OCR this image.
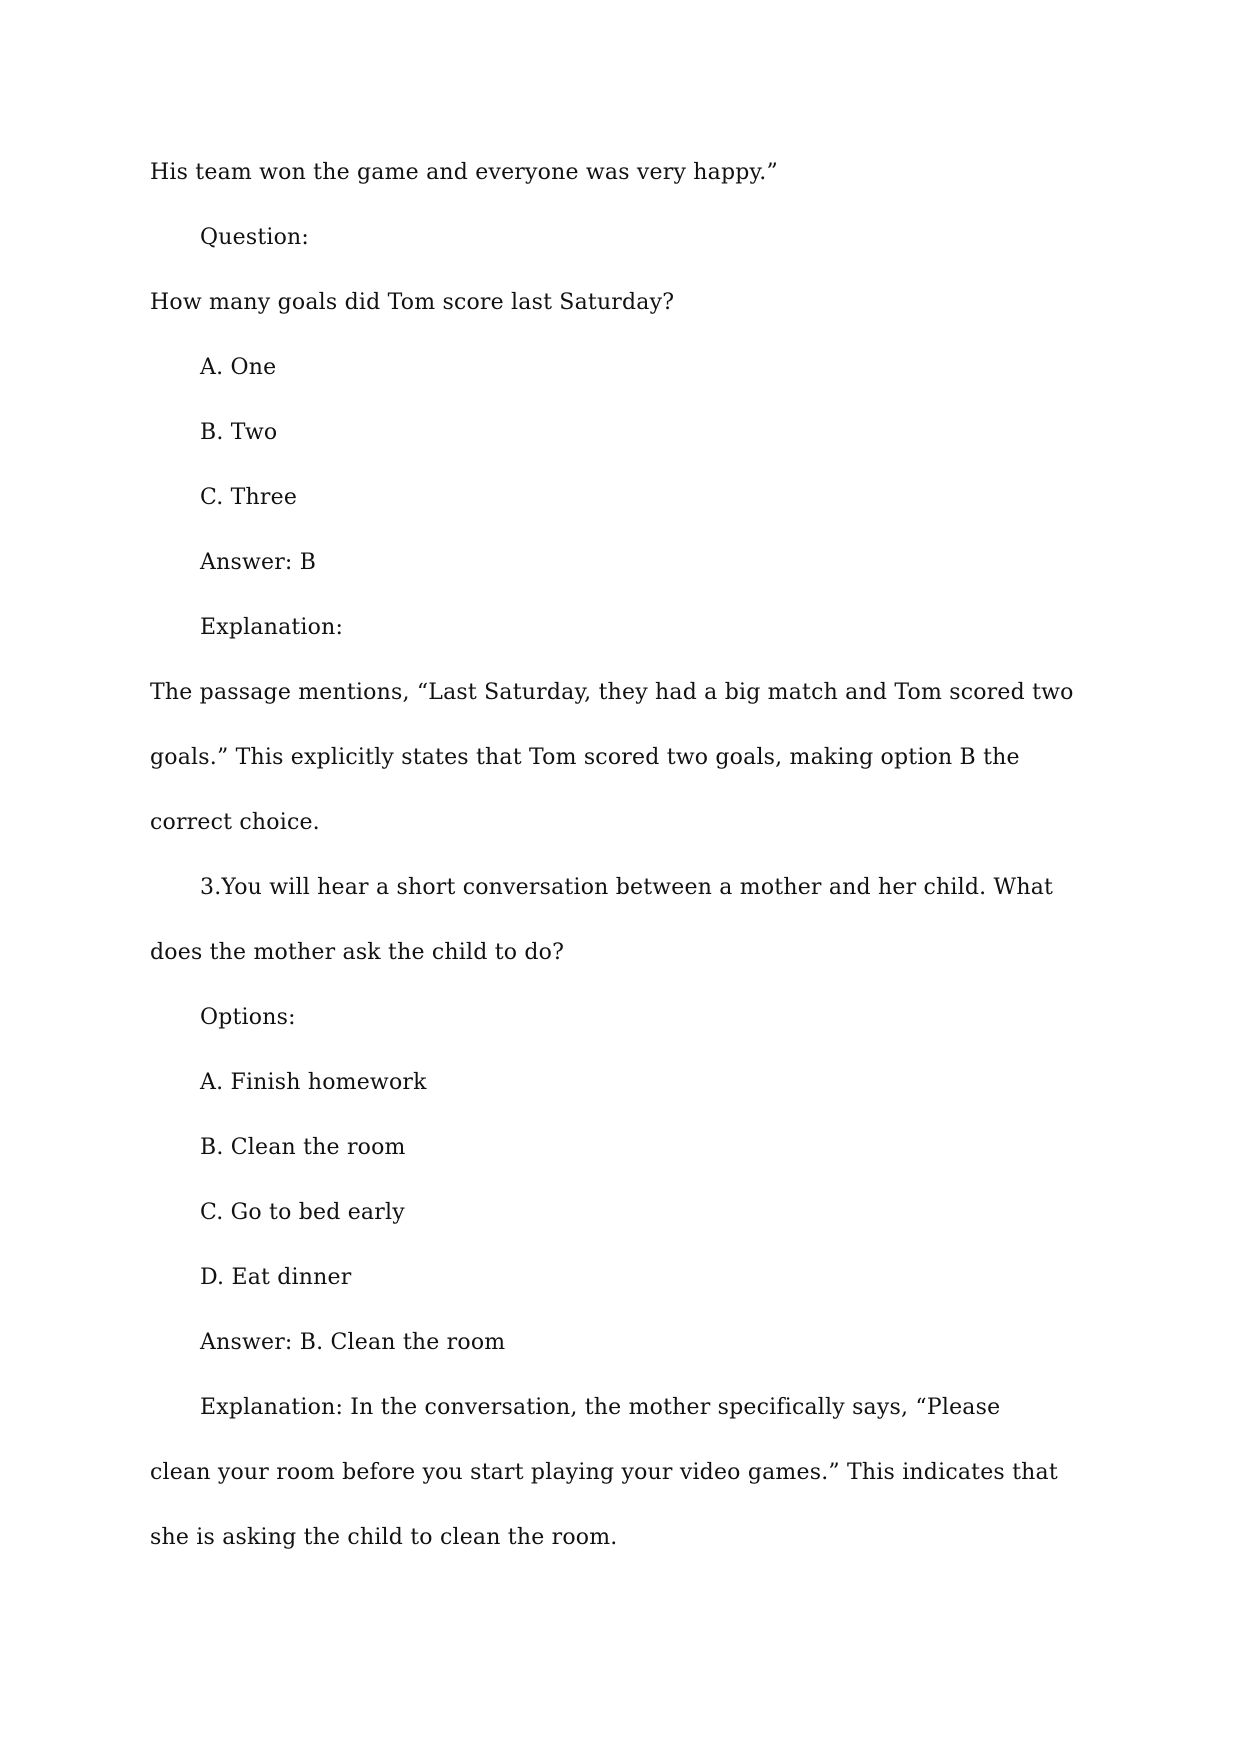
His team won the game and everyone was very happy.”

Question:

How many goals did Tom score last Saturday?

A. One

B. Two

C. Three

Answer: B

Explanation:

The passage mentions, “Last Saturday, they had a big match and Tom scored two

goals.” This explicitly states that Tom scored two goals, making option B the

correct choice.

3.You will hear a short conversation between a mother and her child. What

does the mother ask the child to do?

Options:

A. Finish homework

B. Clean the room

C. Go to bed early

D. Eat dinner

Answer: B. Clean the room

Explanation: In the conversation, the mother specifically says, “Please

clean your room before you start playing your video games.” This indicates that

she is asking the child to clean the room.
